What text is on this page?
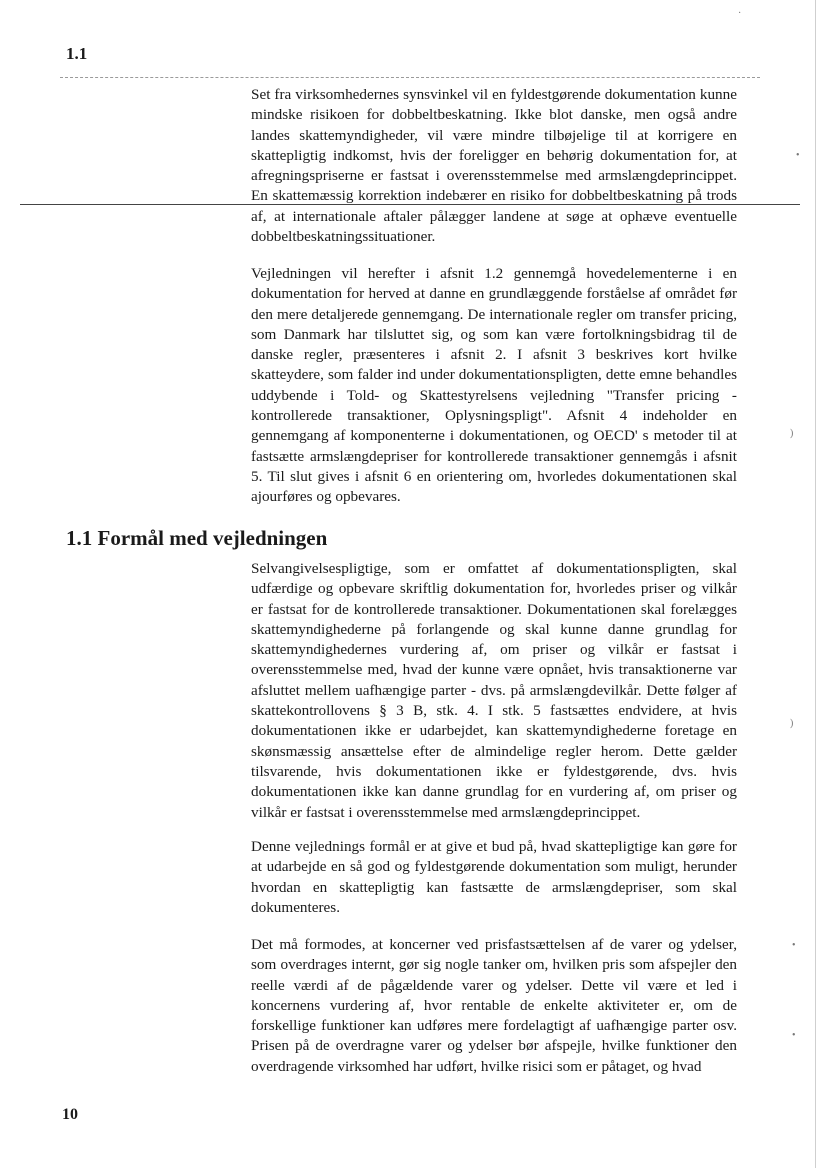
1.1

Set fra virksomhedernes synsvinkel vil en fyldestgørende dokumentation kunne mindske risikoen for dobbeltbeskatning. Ikke blot danske, men også andre landes skattemyndigheder, vil være mindre tilbøjelige til at korrigere en skattepligtig indkomst, hvis der foreligger en behørig dokumentation for, at afregningspriserne er fastsat i overensstemmelse med armslængdeprincippet. En skattemæssig korrektion indebærer en risiko for dobbeltbeskatning på trods af, at internationale aftaler pålægger landene at søge at ophæve eventuelle dobbeltbeskatningssituationer.

Vejledningen vil herefter i afsnit 1.2 gennemgå hovedelementerne i en dokumentation for herved at danne en grundlæggende forståelse af området før den mere detaljerede gennemgang. De internationale regler om transfer pricing, som Danmark har tilsluttet sig, og som kan være fortolkningsbidrag til de danske regler, præsenteres i afsnit 2. I afsnit 3 beskrives kort hvilke skatteydere, som falder ind under dokumentationspligten, dette emne behandles uddybende i Told- og Skattestyrelsens vejledning "Transfer pricing - kontrollerede transaktioner, Oplysningspligt". Afsnit 4 indeholder en gennemgang af komponenterne i dokumentationen, og OECD' s metoder til at fastsætte armslængdepriser for kontrollerede transaktioner gennemgås i afsnit 5. Til slut gives i afsnit 6 en orientering om, hvorledes dokumentationen skal ajourføres og opbevares.

1.1 Formål med vejledningen

Selvangivelsespligtige, som er omfattet af dokumentationspligten, skal udfærdige og opbevare skriftlig dokumentation for, hvorledes priser og vilkår er fastsat for de kontrollerede transaktioner. Dokumentationen skal forelægges skattemyndighederne på forlangende og skal kunne danne grundlag for skattemyndighedernes vurdering af, om priser og vilkår er fastsat i overensstemmelse med, hvad der kunne være opnået, hvis transaktionerne var afsluttet mellem uafhængige parter - dvs. på armslængdevilkår. Dette følger af skattekontrollovens § 3 B, stk. 4. I stk. 5 fastsættes endvidere, at hvis dokumentationen ikke er udarbejdet, kan skattemyndighederne foretage en skønsmæssig ansættelse efter de almindelige regler herom. Dette gælder tilsvarende, hvis dokumentationen ikke er fyldestgørende, dvs. hvis dokumentationen ikke kan danne grundlag for en vurdering af, om priser og vilkår er fastsat i overensstemmelse med armslængdeprincippet.

Denne vejlednings formål er at give et bud på, hvad skattepligtige kan gøre for at udarbejde en så god og fyldestgørende dokumentation som muligt, herunder hvordan en skattepligtig kan fastsætte de armslængdepriser, som skal dokumenteres.

Det må formodes, at koncerner ved prisfastsættelsen af de varer og ydelser, som overdrages internt, gør sig nogle tanker om, hvilken pris som afspejler den reelle værdi af de pågældende varer og ydelser. Dette vil være et led i koncernens vurdering af, hvor rentable de enkelte aktiviteter er, om de forskellige funktioner kan udføres mere fordelagtigt af uafhængige parter osv. Prisen på de overdragne varer og ydelser bør afspejle, hvilke funktioner den overdragende virksomhed har udført, hvilke risici som er påtaget, og hvad

10
•
)
)
•
•
·
